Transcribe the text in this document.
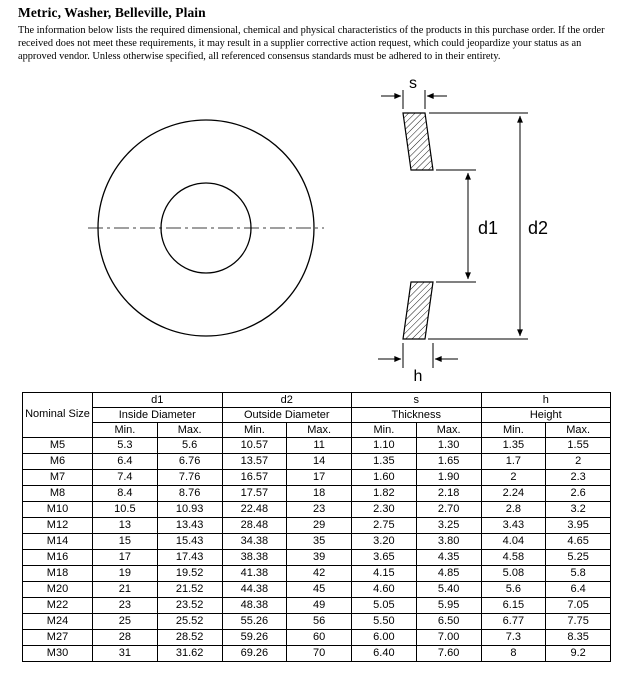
Metric, Washer, Belleville, Plain
The information below lists the required dimensional, chemical and physical characteristics of the products in this purchase order. If the order received does not meet these requirements, it may result in a supplier corrective action request, which could jeopardize your status as an approved vendor. Unless otherwise specified, all referenced consensus standards must be adhered to in their entirety.
s
d1 d2
h
Nominal Size	d1		d2		s		h	
	Inside Diameter		Outside Diameter		Thickness		Height	
	Min.	Max.	Min.	Max.	Min.	Max.	Min.	Max.
M5	5.3	5.6	10.57	11	1.10	1.30	1.35	1.55
M6	6.4	6.76	13.57	14	1.35	1.65	1.7	2
M7	7.4	7.76	16.57	17	1.60	1.90	2	2.3
M8	8.4	8.76	17.57	18	1.82	2.18	2.24	2.6
M10	10.5	10.93	22.48	23	2.30	2.70	2.8	3.2
M12	13	13.43	28.48	29	2.75	3.25	3.43	3.95
M14	15	15.43	34.38	35	3.20	3.80	4.04	4.65
M16	17	17.43	38.38	39	3.65	4.35	4.58	5.25
M18	19	19.52	41.38	42	4.15	4.85	5.08	5.8
M20	21	21.52	44.38	45	4.60	5.40	5.6	6.4
M22	23	23.52	48.38	49	5.05	5.95	6.15	7.05
M24	25	25.52	55.26	56	5.50	6.50	6.77	7.75
M27	28	28.52	59.26	60	6.00	7.00	7.3	8.35
M30	31	31.62	69.26	70	6.40	7.60	8	9.2
